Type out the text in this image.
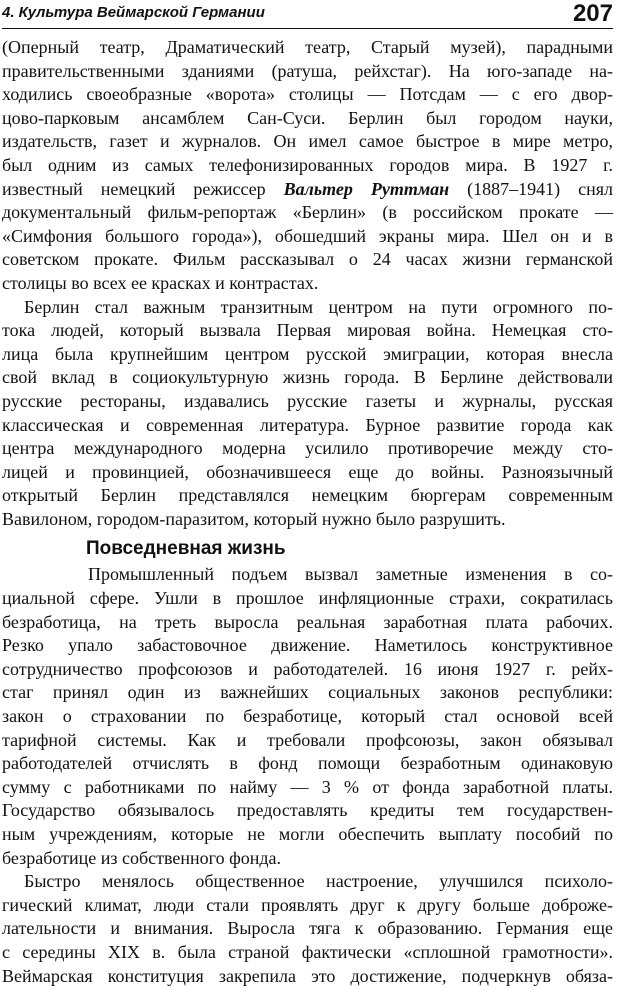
4. Культура Веймарской Германии	207
(Оперный театр, Драматический театр, Старый музей), парадными
правительственными зданиями (ратуша, рейхстаг). На юго-западе на-
ходились своеобразные «ворота» столицы — Потсдам — с его двор-
цово-парковым ансамблем Сан-Суси. Берлин был городом науки,
издательств, газет и журналов. Он имел самое быстрое в мире метро,
был одним из самых телефонизированных городов мира. В 1927 г.
известный немецкий режиссер Вальтер Руттман (1887–1941) снял
документальный фильм-репортаж «Берлин» (в российском прокате —
«Симфония большого города»), обошедший экраны мира. Шел он и в
советском прокате. Фильм рассказывал о 24 часах жизни германской
столицы во всех ее красках и контрастах.
Берлин стал важным транзитным центром на пути огромного по-
тока людей, который вызвала Первая мировая война. Немецкая сто-
лица была крупнейшим центром русской эмиграции, которая внесла
свой вклад в социокультурную жизнь города. В Берлине действовали
русские рестораны, издавались русские газеты и журналы, русская
классическая и современная литература. Бурное развитие города как
центра международного модерна усилило противоречие между сто-
лицей и провинцией, обозначившееся еще до войны. Разноязычный
открытый Берлин представлялся немецким бюргерам современным
Вавилоном, городом-паразитом, который нужно было разрушить.
Повседневная жизнь
Промышленный подъем вызвал заметные изменения в со-
циальной сфере. Ушли в прошлое инфляционные страхи, сократилась
безработица, на треть выросла реальная заработная плата рабочих.
Резко упало забастовочное движение. Наметилось конструктивное
сотрудничество профсоюзов и работодателей. 16 июня 1927 г. рейх-
стаг принял один из важнейших социальных законов республики:
закон о страховании по безработице, который стал основой всей
тарифной системы. Как и требовали профсоюзы, закон обязывал
работодателей отчислять в фонд помощи безработным одинаковую
сумму с работниками по найму — 3 % от фонда заработной платы.
Государство обязывалось предоставлять кредиты тем государствен-
ным учреждениям, которые не могли обеспечить выплату пособий по
безработице из собственного фонда.
Быстро менялось общественное настроение, улучшился психоло-
гический климат, люди стали проявлять друг к другу больше доброже-
лательности и внимания. Выросла тяга к образованию. Германия еще
с середины XIX в. была страной фактически «сплошной грамотности».
Веймарская конституция закрепила это достижение, подчеркнув обяза-
